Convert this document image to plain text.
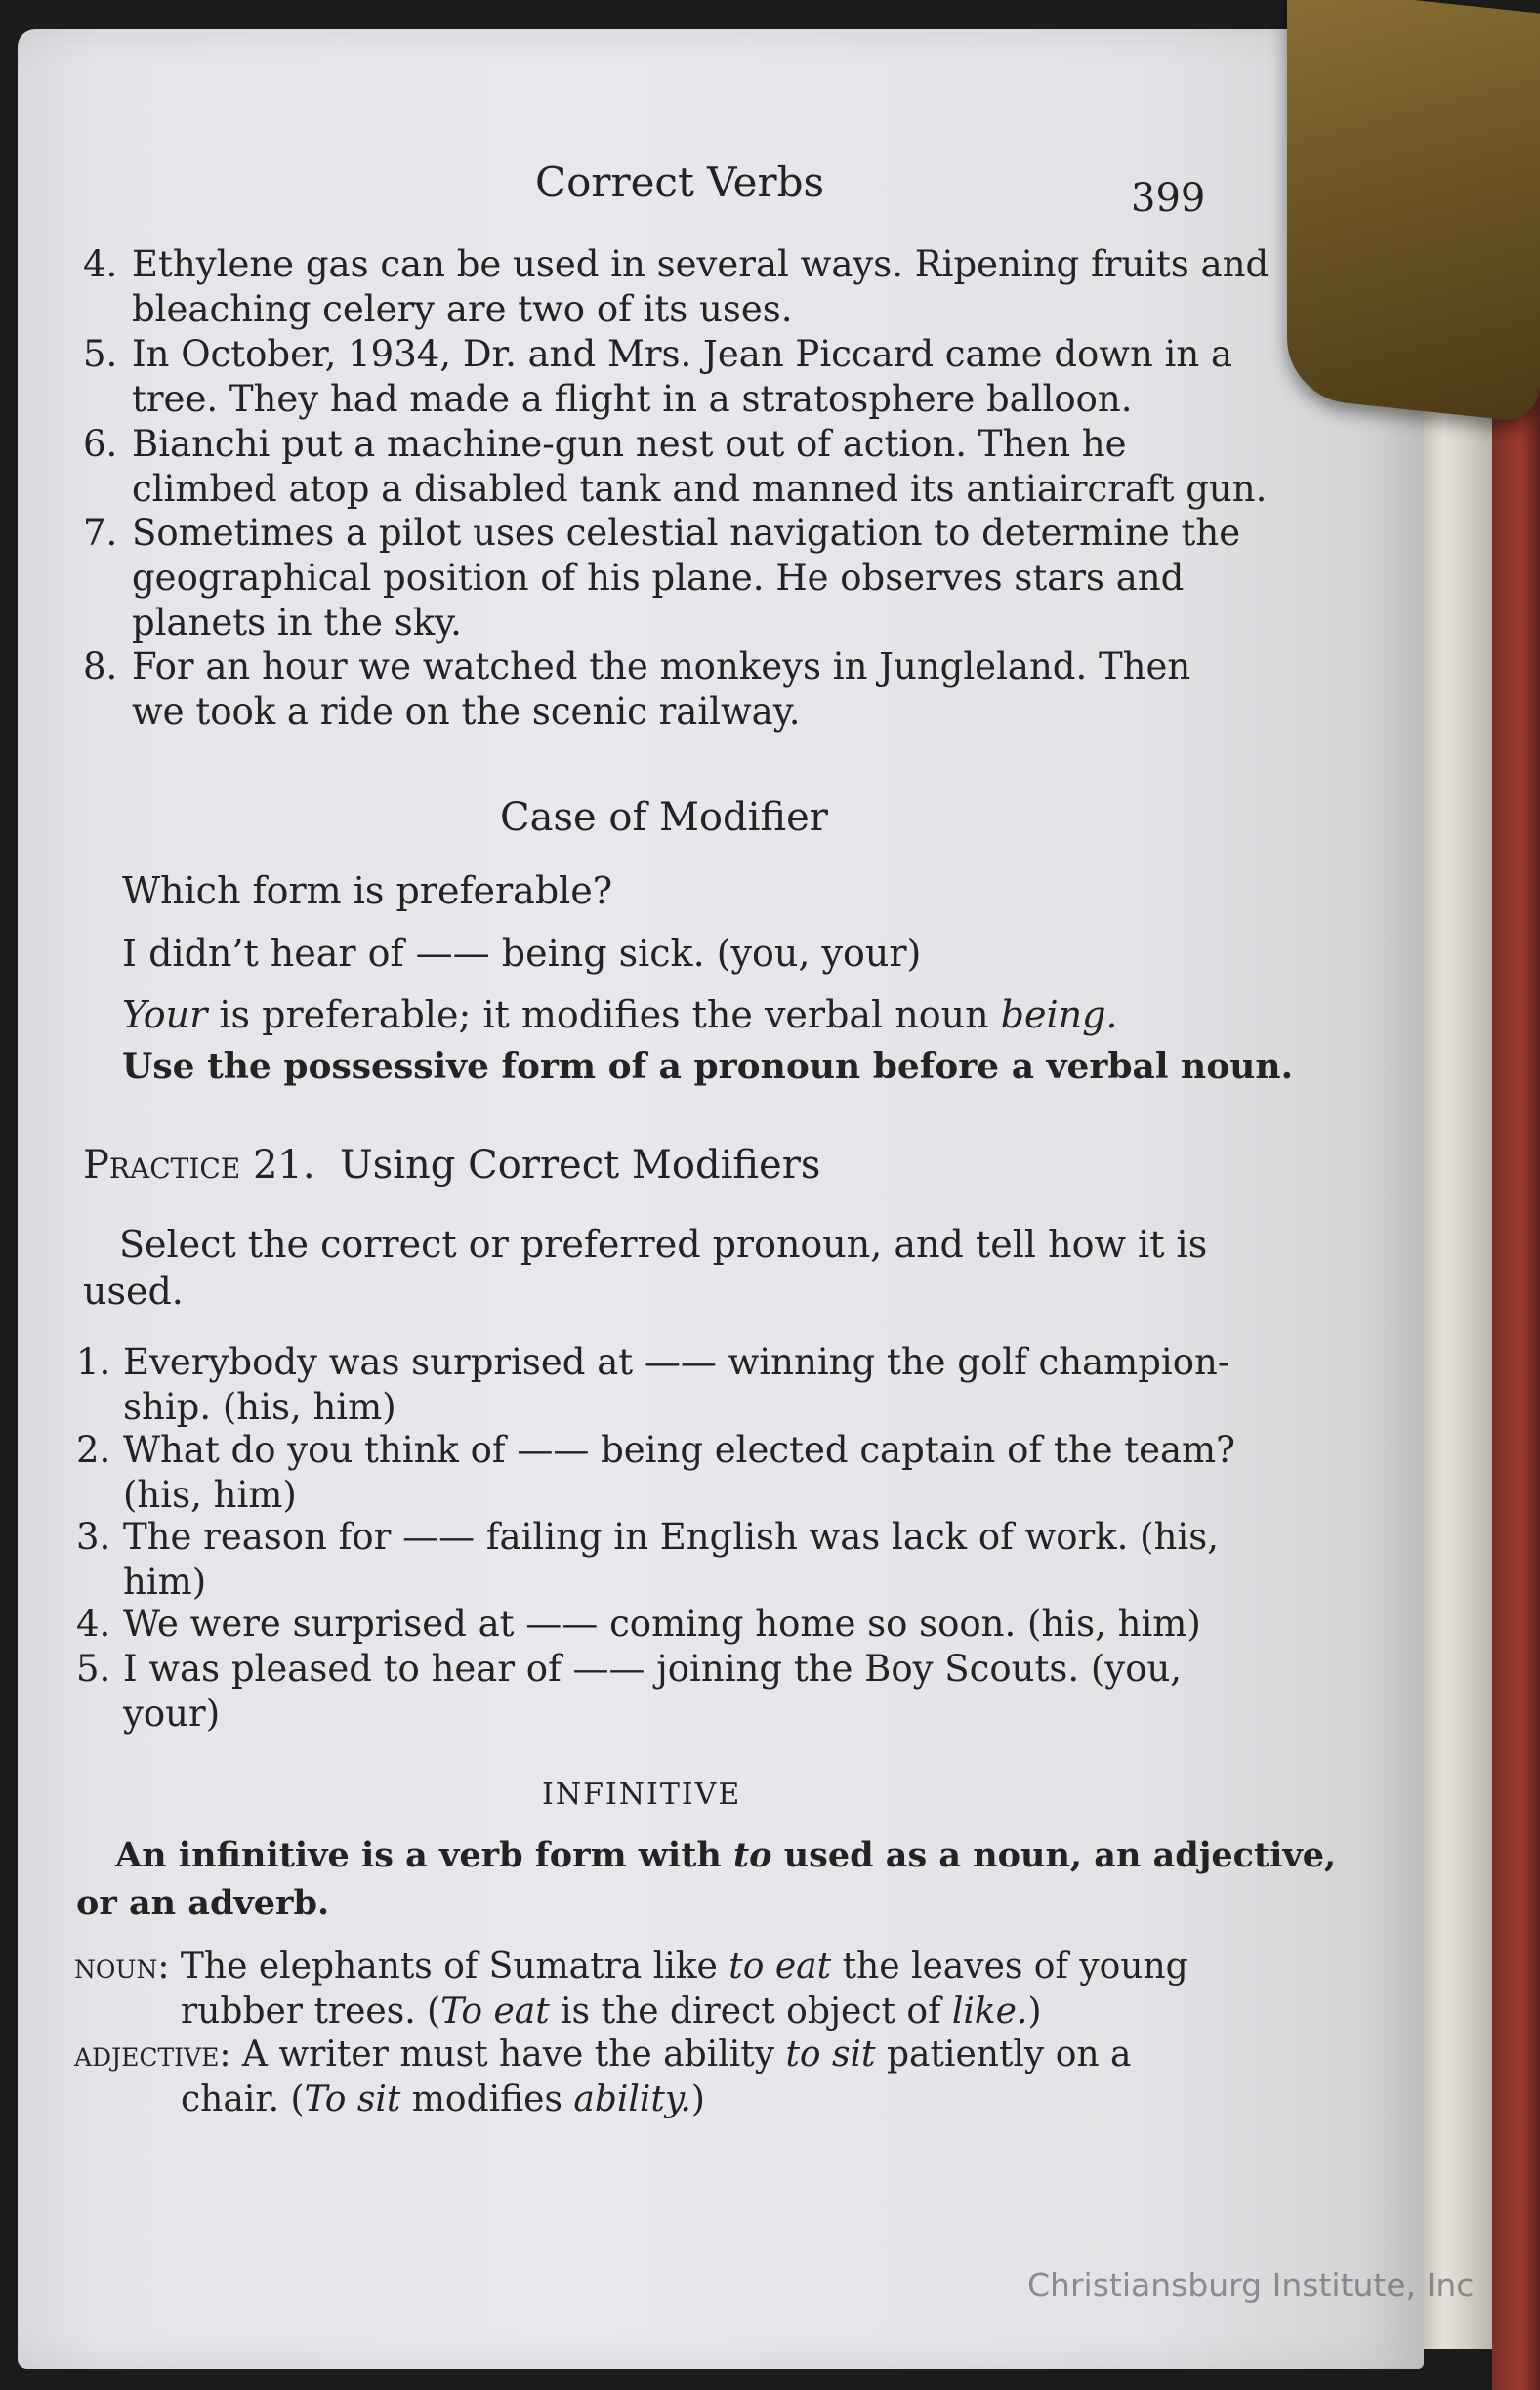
Correct Verbs	399
4. Ethylene gas can be used in several ways. Ripening fruits and
bleaching celery are two of its uses.
5. In October, 1934, Dr. and Mrs. Jean Piccard came down in a
tree. They had made a flight in a stratosphere balloon.
6. Bianchi put a machine-gun nest out of action. Then he
climbed atop a disabled tank and manned its antiaircraft gun.
7. Sometimes a pilot uses celestial navigation to determine the
geographical position of his plane. He observes stars and
planets in the sky.
8. For an hour we watched the monkeys in Jungleland. Then
we took a ride on the scenic railway.
Case of Modifier
Which form is preferable?
I didn’t hear of —— being sick. (you, your)
Your is preferable; it modifies the verbal noun being.
Use the possessive form of a pronoun before a verbal noun.
Practice 21. Using Correct Modifiers
Select the correct or preferred pronoun, and tell how it is
used.
1. Everybody was surprised at —— winning the golf champion-
ship. (his, him)
2. What do you think of —— being elected captain of the team?
(his, him)
3. The reason for —— failing in English was lack of work. (his,
him)
4. We were surprised at —— coming home so soon. (his, him)
5. I was pleased to hear of —— joining the Boy Scouts. (you,
your)
INFINITIVE
An infinitive is a verb form with to used as a noun, an adjective,
or an adverb.
noun: The elephants of Sumatra like to eat the leaves of young
rubber trees. (To eat is the direct object of like.)
adjective: A writer must have the ability to sit patiently on a
chair. (To sit modifies ability.)
Christiansburg Institute, Inc
